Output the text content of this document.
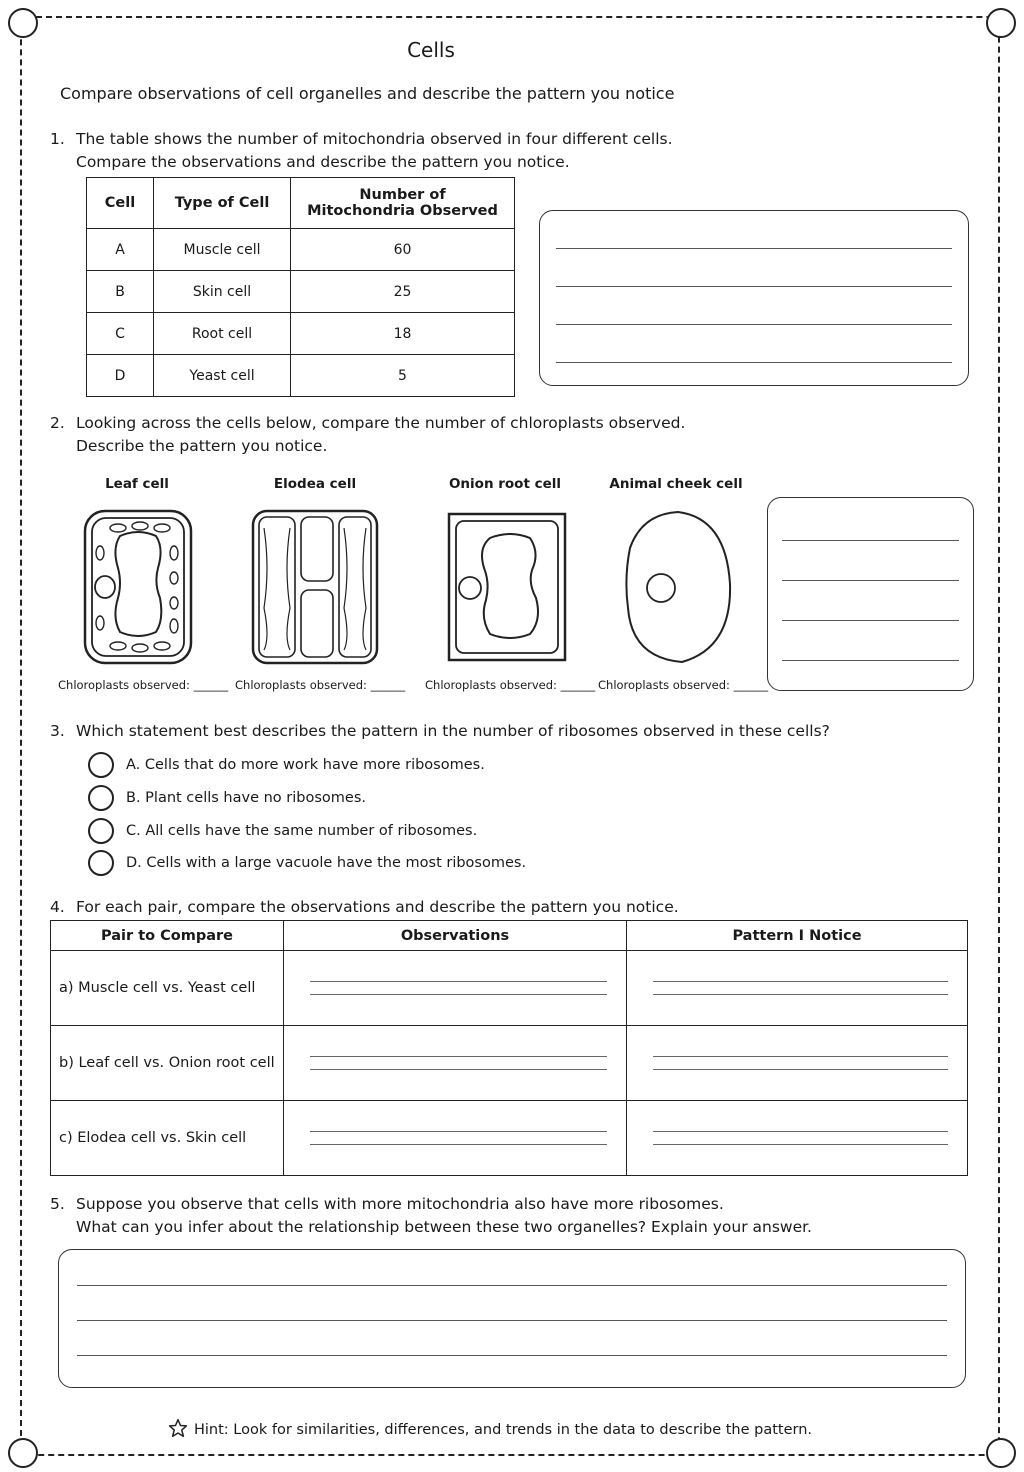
Cells
Compare observations of cell organelles and describe the pattern you notice
1. The table shows the number of mitochondria observed in four different cells.
Compare the observations and describe the pattern you notice.
Cell	Type of Cell	Number of
Mitochondria Observed
A	Muscle cell	60
B	Skin cell	25
C	Root cell	18
D	Yeast cell	5
2. Looking across the cells below, compare the number of chloroplasts observed.
Describe the pattern you notice.
Leaf cell	Elodea cell	Onion root cell	Animal cheek cell
Chloroplasts observed: ______ Chloroplasts observed: ______ Chloroplasts observed: ______ Chloroplasts observed: ______
3. Which statement best describes the pattern in the number of ribosomes observed in these cells?
A. Cells that do more work have more ribosomes.
B. Plant cells have no ribosomes.
C. All cells have the same number of ribosomes.
D. Cells with a large vacuole have the most ribosomes.
4. For each pair, compare the observations and describe the pattern you notice.
Pair to Compare	Observations	Pattern I Notice
a) Muscle cell vs. Yeast cell	

b) Leaf cell vs. Onion root cell	

c) Elodea cell vs. Skin cell	

5. Suppose you observe that cells with more mitochondria also have more ribosomes.
What can you infer about the relationship between these two organelles? Explain your answer.
Hint: Look for similarities, differences, and trends in the data to describe the pattern.
